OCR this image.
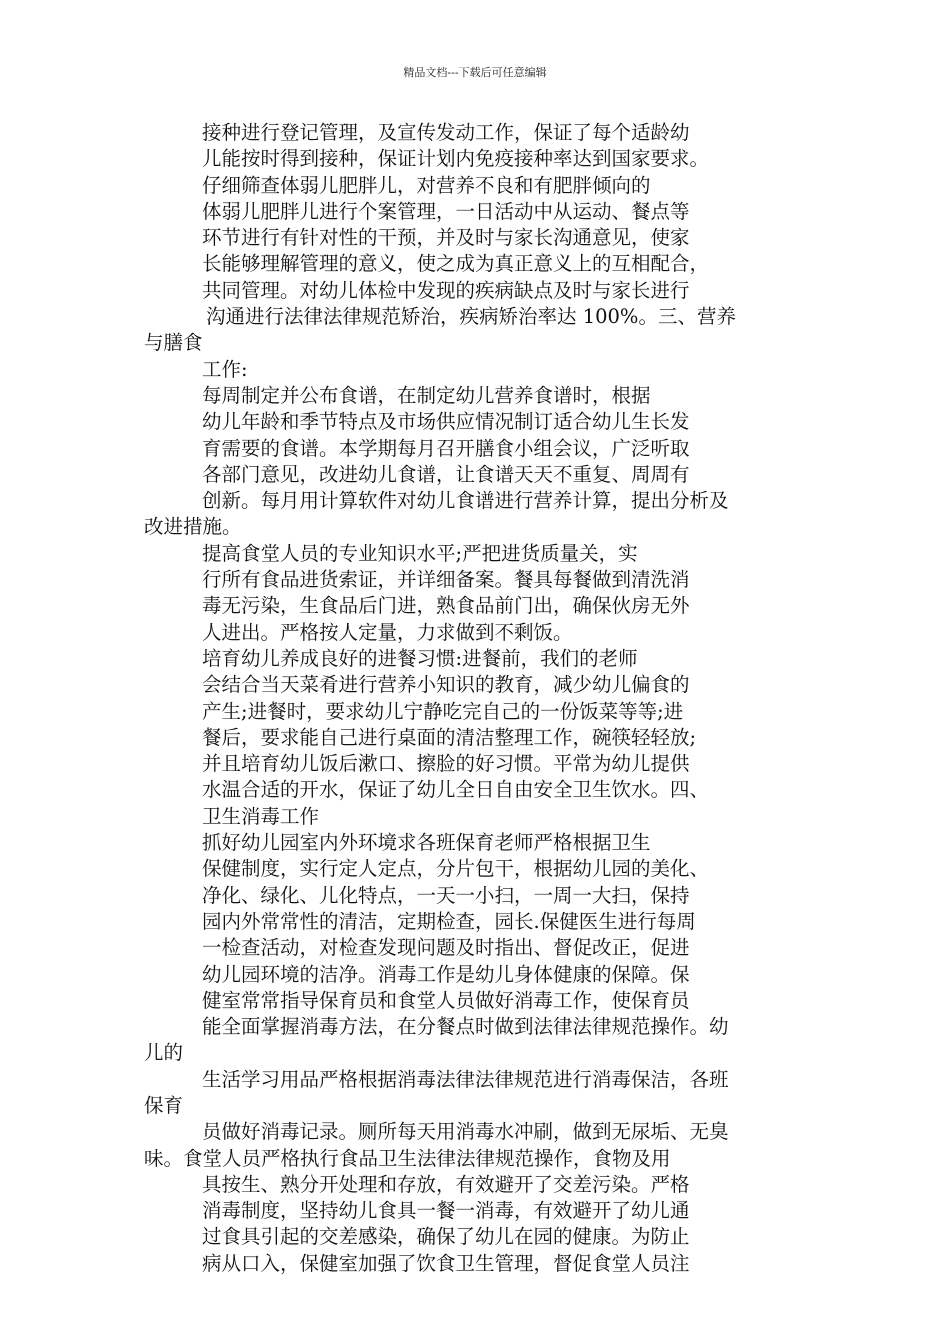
精品文档---下载后可任意编辑
接种进行登记管理，及宣传发动工作，保证了每个适龄幼
儿能按时得到接种，保证计划内免疫接种率达到国家要求。
仔细筛查体弱儿肥胖儿，对营养不良和有肥胖倾向的
体弱儿肥胖儿进行个案管理，一日活动中从运动、餐点等
环节进行有针对性的干预，并及时与家长沟通意见，使家
长能够理解管理的意义，使之成为真正意义上的互相配合，
共同管理。对幼儿体检中发现的疾病缺点及时与家长进行
沟通进行法律法律规范矫治，疾病矫治率达 100%。三、营养
与膳食
工作:
每周制定并公布食谱，在制定幼儿营养食谱时，根据
幼儿年龄和季节特点及市场供应情况制订适合幼儿生长发
育需要的食谱。本学期每月召开膳食小组会议，广泛听取
各部门意见，改进幼儿食谱，让食谱天天不重复、周周有
创新。每月用计算软件对幼儿食谱进行营养计算，提出分析及
改进措施。
提高食堂人员的专业知识水平;严把进货质量关，实
行所有食品进货索证，并详细备案。餐具每餐做到清洗消
毒无污染，生食品后门进，熟食品前门出，确保伙房无外
人进出。严格按人定量，力求做到不剩饭。
培育幼儿养成良好的进餐习惯:进餐前，我们的老师
会结合当天菜肴进行营养小知识的教育，减少幼儿偏食的
产生;进餐时，要求幼儿宁静吃完自己的一份饭菜等等;进
餐后，要求能自己进行桌面的清洁整理工作，碗筷轻轻放;
并且培育幼儿饭后漱口、擦脸的好习惯。平常为幼儿提供
水温合适的开水，保证了幼儿全日自由安全卫生饮水。四、
卫生消毒工作
抓好幼儿园室内外环境求各班保育老师严格根据卫生
保健制度，实行定人定点，分片包干，根据幼儿园的美化、
净化、绿化、儿化特点，一天一小扫，一周一大扫，保持
园内外常常性的清洁，定期检查，园长.保健医生进行每周
一检查活动，对检查发现问题及时指出、督促改正，促进
幼儿园环境的洁净。消毒工作是幼儿身体健康的保障。保
健室常常指导保育员和食堂人员做好消毒工作，使保育员
能全面掌握消毒方法，在分餐点时做到法律法律规范操作。幼
儿的
生活学习用品严格根据消毒法律法律规范进行消毒保洁，各班
保育
员做好消毒记录。厕所每天用消毒水冲刷，做到无尿垢、无臭
味。食堂人员严格执行食品卫生法律法律规范操作，食物及用
具按生、熟分开处理和存放，有效避开了交差污染。严格
消毒制度，坚持幼儿食具一餐一消毒，有效避开了幼儿通
过食具引起的交差感染，确保了幼儿在园的健康。为防止
病从口入，保健室加强了饮食卫生管理，督促食堂人员注
